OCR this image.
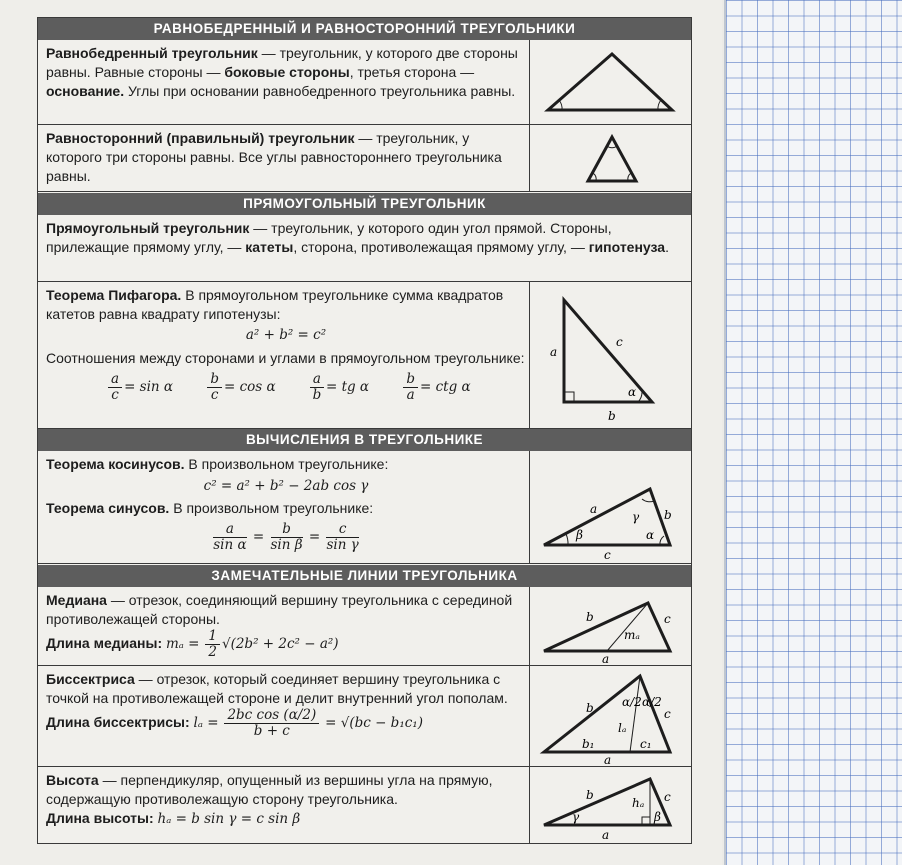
РАВНОБЕДРЕННЫЙ И РАВНОСТОРОННИЙ ТРЕУГОЛЬНИКИ
Равнобедренный треугольник — треугольник, у которого две стороны равны. Равные стороны — боковые стороны, третья сторона — основание. Углы при основании равнобедренного треугольника равны.
Равносторонний (правильный) треугольник — треугольник, у которого три стороны равны. Все углы равностороннего треугольника равны.
ПРЯМОУГОЛЬНЫЙ ТРЕУГОЛЬНИК
Прямоугольный треугольник — треугольник, у которого один угол прямой. Стороны, прилежащие прямому углу, — катеты, сторона, противолежащая прямому углу, — гипотенуза.
Теорема Пифагора. В прямоугольном треугольнике сумма квадратов катетов равна квадрату гипотенузы:
a² + b² = c²
Соотношения между сторонами и углами в прямоугольном треугольнике:
$\frac{a}{c} = \sin \alpha$	$\frac{b}{c} = \cos \alpha$	$\frac{a}{b}$ = tg α	$\frac{b}{a}$ = ctg α
a
c
b
α
ВЫЧИСЛЕНИЯ В ТРЕУГОЛЬНИКЕ
Теорема косинусов. В произвольном треугольнике:
c² = a² + b² − 2ab cos γ
Теорема синусов. В произвольном треугольнике:
$\frac{a}{\text{sin α}} = \frac{b}{\text{sin β}} = \frac{c}{\text{sin γ}}$
a	b
c
β
γ
α
ЗАМЕЧАТЕЛЬНЫЕ ЛИНИИ ТРЕУГОЛЬНИКА
Медиана — отрезок, соединяющий вершину треугольника с серединой противолежащей стороны.
Длина медианы: $m_a = \frac{1}{2} √(2b^2 + 2c^2 - a^2)$
b	c
mₐ
a
Биссектриса — отрезок, который соединяет вершину треугольника с точкой на противолежащей стороне и делит внутренний угол пополам.
Длина биссектрисы: $l_a = \frac{\text{2bc cos (α/2)}}{b + c} = √(bc - b_1c_1)$
b	c
α/2 α/2
lₐ
b₁	c₁
a
Высота — перпендикуляр, опущенный из вершины угла на прямую, содержащую противолежащую сторону треугольника.
Длина высоты: hₐ = b sin γ = c sin β
b	c
hₐ
γ	β
a
